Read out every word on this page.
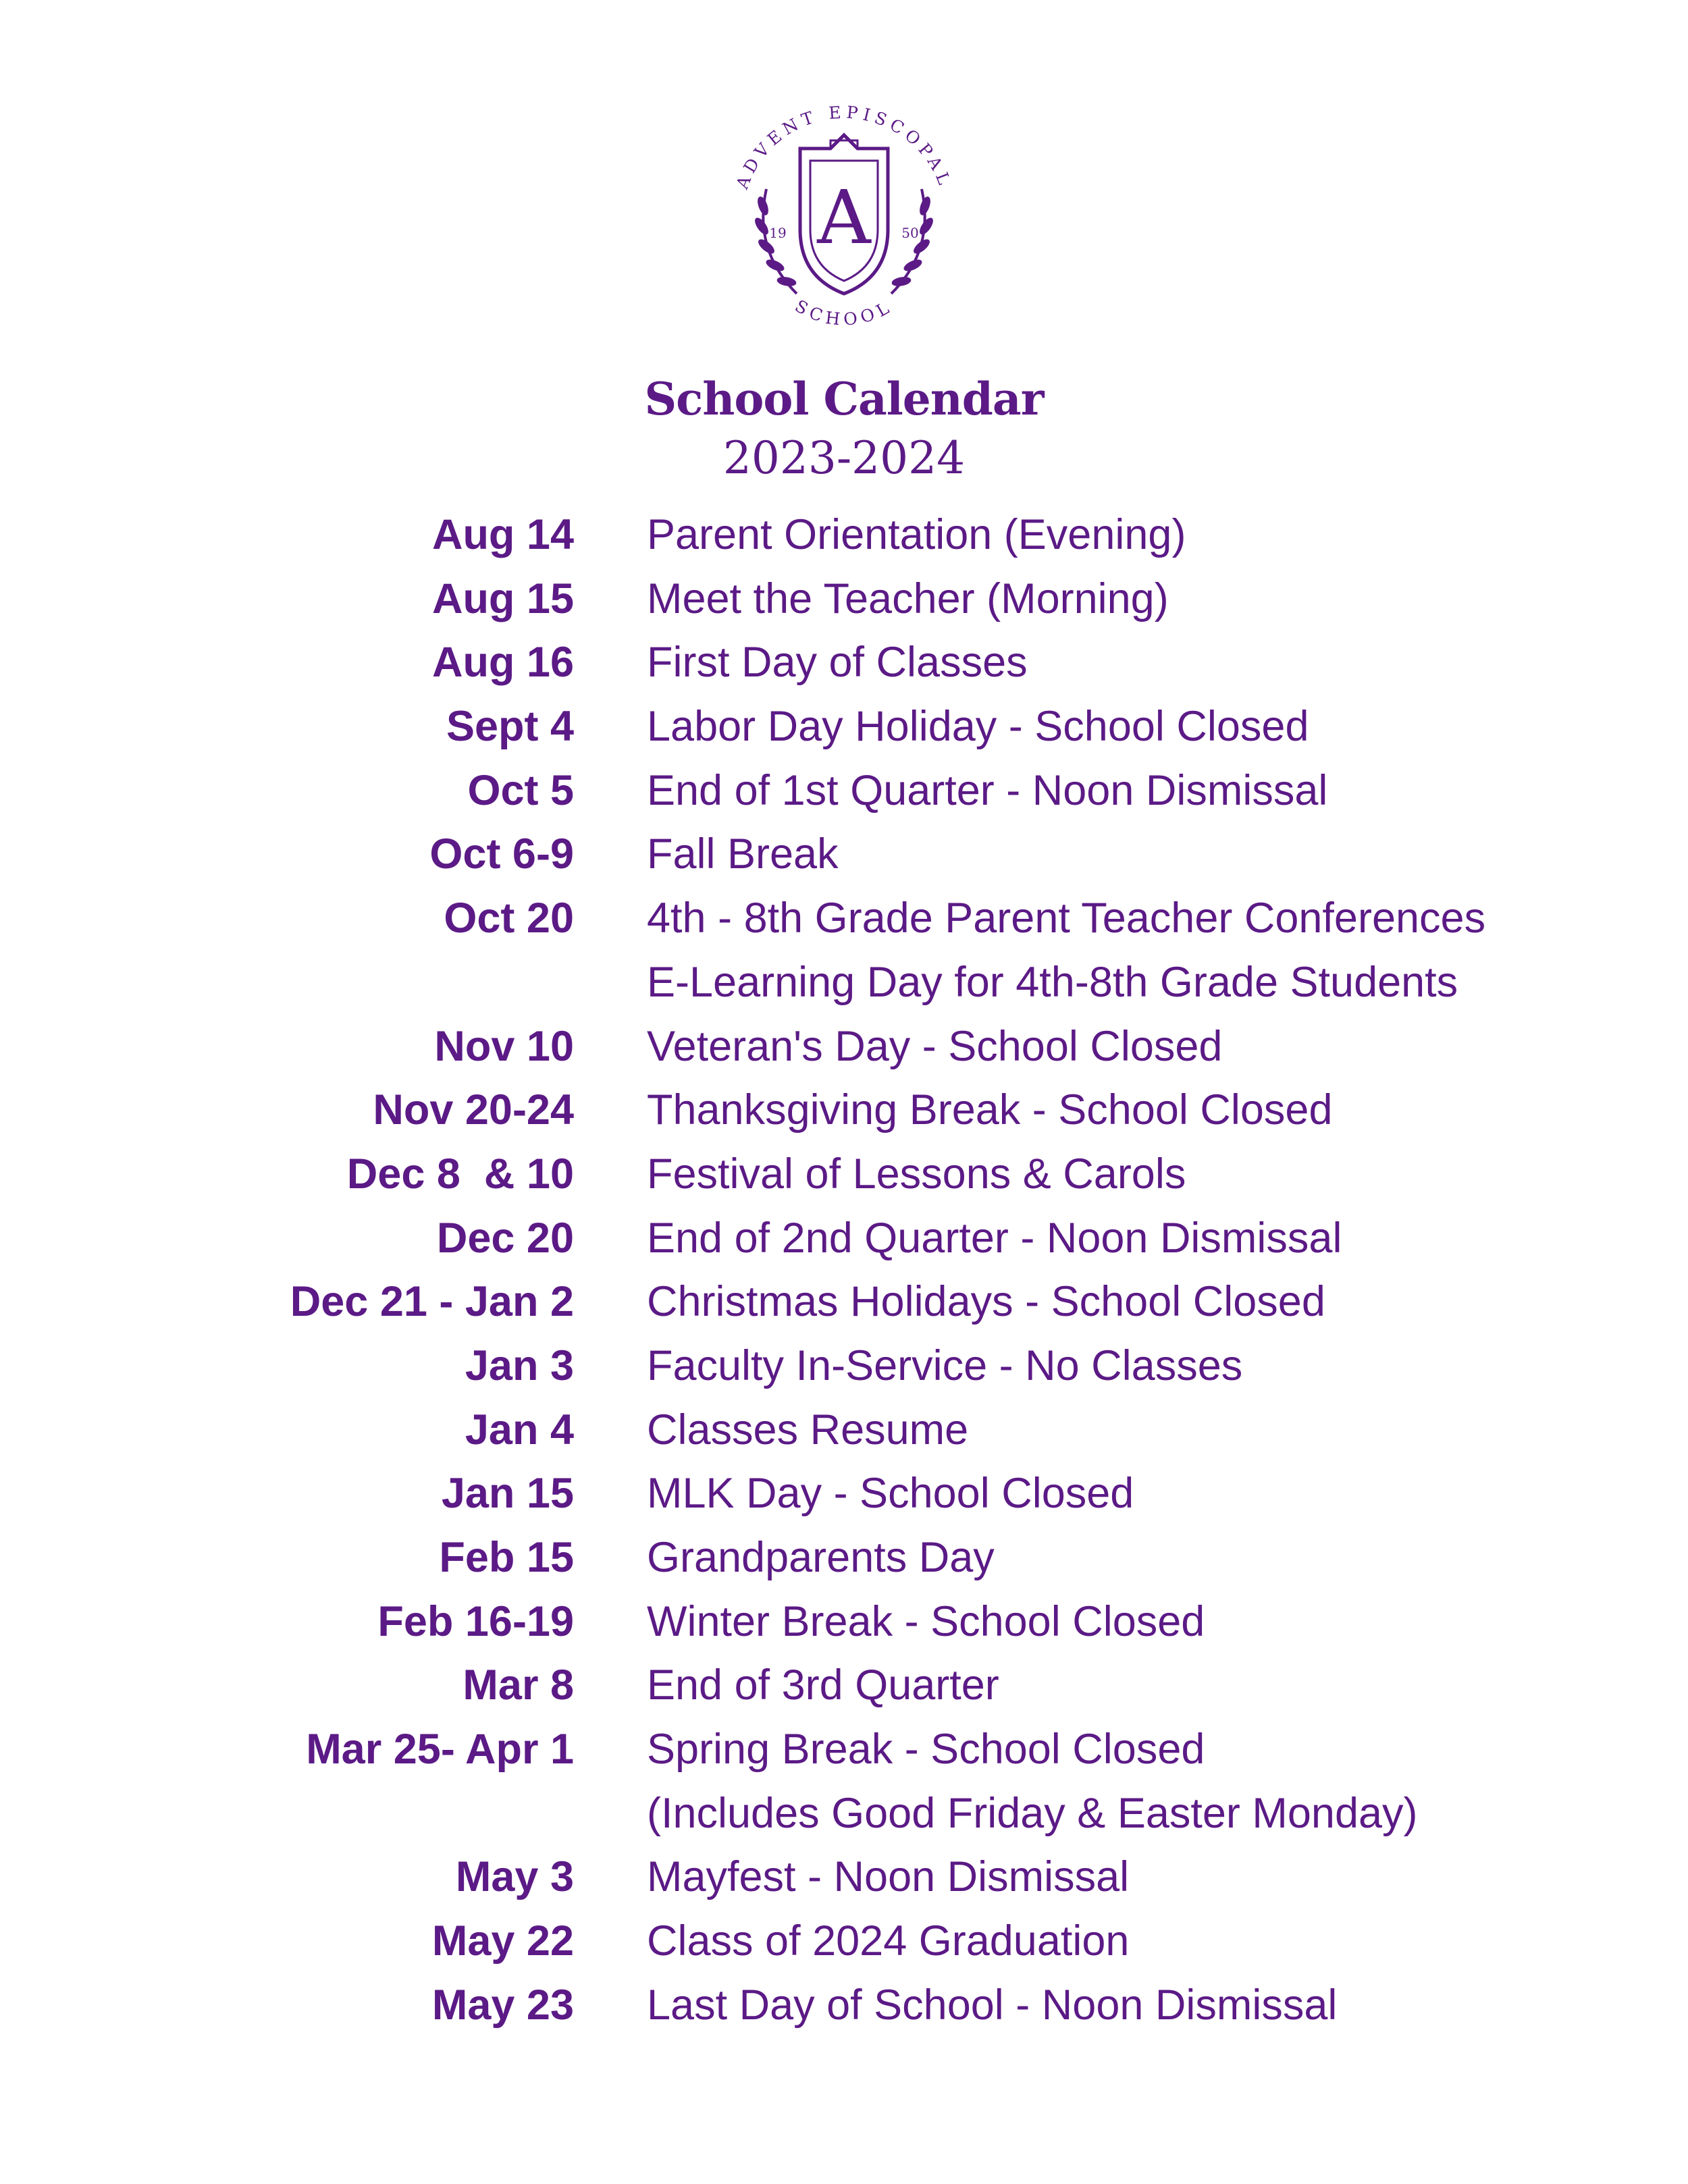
ADVENT EPISCOPAL
SCHOOL
A
19	50
School Calendar
2023-2024
Aug 14 Parent Orientation (Evening)
Aug 15 Meet the Teacher (Morning)
Aug 16 First Day of Classes
Sept 4 Labor Day Holiday - School Closed
Oct 5 End of 1st Quarter - Noon Dismissal
Oct 6-9 Fall Break
Oct 20 4th - 8th Grade Parent Teacher Conferences
E-Learning Day for 4th-8th Grade Students
Nov 10 Veteran's Day - School Closed
Nov 20-24 Thanksgiving Break - School Closed
Dec 8  & 10 Festival of Lessons & Carols
Dec 20 End of 2nd Quarter - Noon Dismissal
Dec 21 - Jan 2 Christmas Holidays - School Closed
Jan 3 Faculty In-Service - No Classes
Jan 4 Classes Resume
Jan 15 MLK Day - School Closed
Feb 15 Grandparents Day
Feb 16-19 Winter Break - School Closed
Mar 8 End of 3rd Quarter
Mar 25- Apr 1 Spring Break - School Closed
(Includes Good Friday & Easter Monday)
May 3 Mayfest - Noon Dismissal
May 22 Class of 2024 Graduation
May 23 Last Day of School - Noon Dismissal
